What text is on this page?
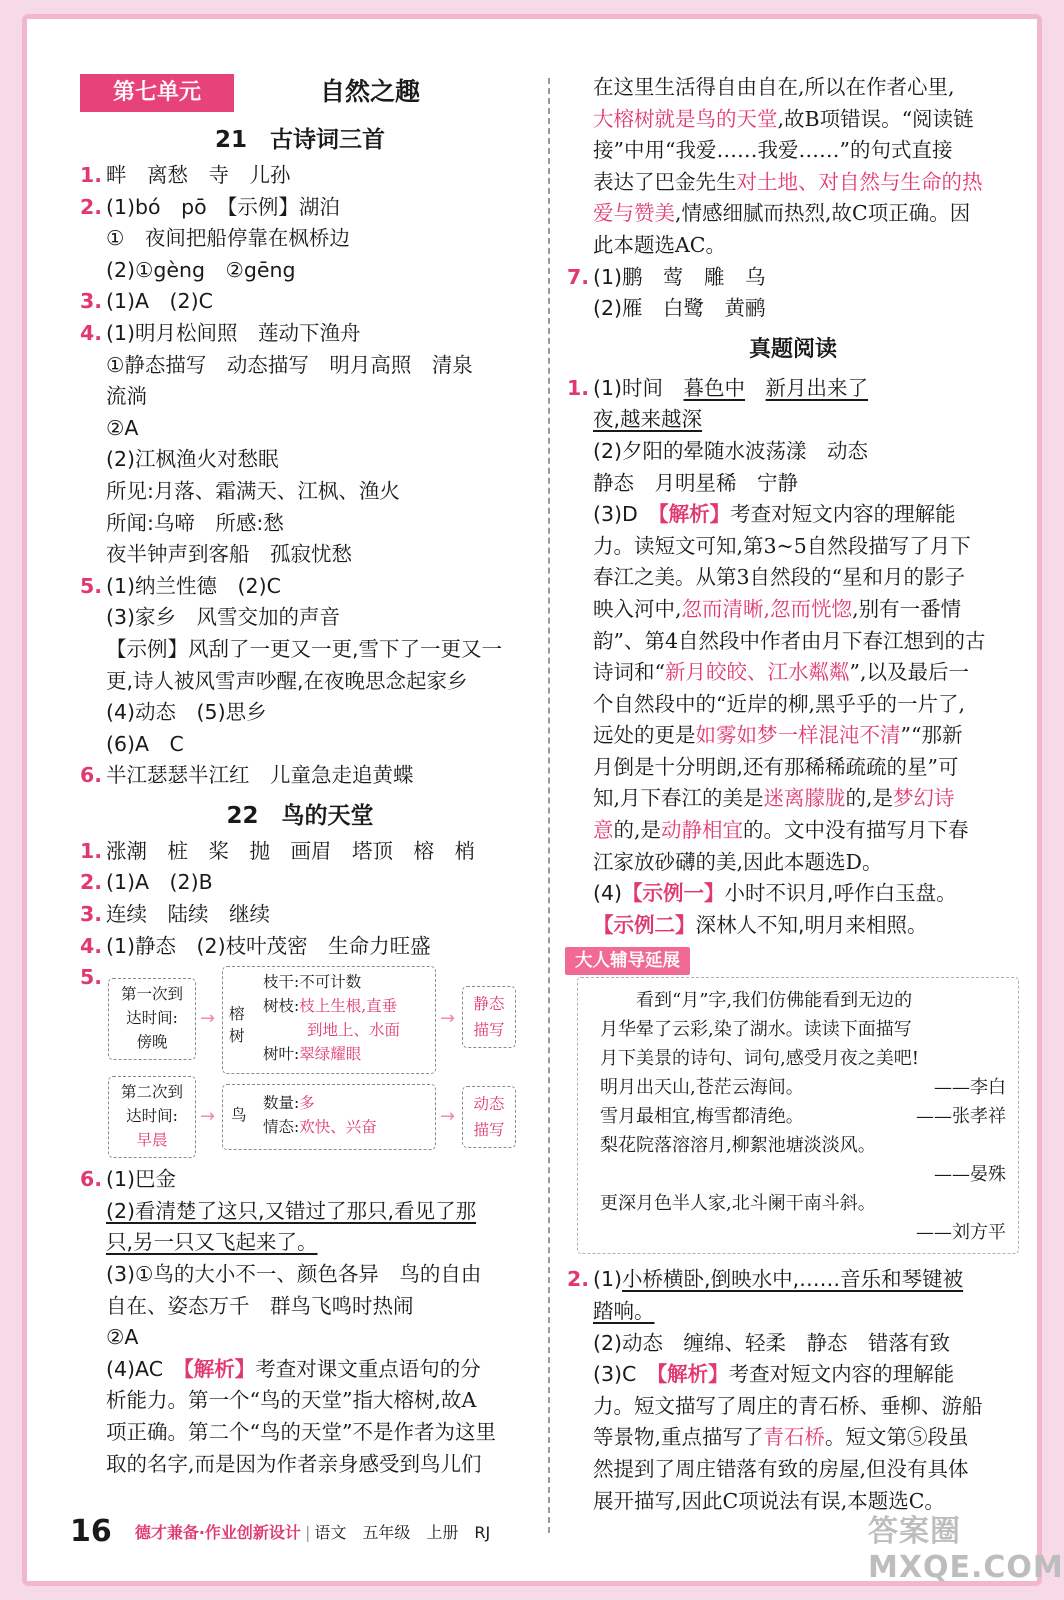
第七单元	自然之趣
21　古诗词三首
1. 畔　离愁　寺　儿孙
2. (1)bó　pō　【示例】湖泊
①　夜间把船停靠在枫桥边
(2)①gèng　②gēng
3. (1)A　(2)C
4. (1)明月松间照　莲动下渔舟
①静态描写　动态描写　明月高照　清泉
流淌
②A
(2)江枫渔火对愁眠
所见:月落、霜满天、江枫、渔火
所闻:乌啼　所感:愁
夜半钟声到客船　孤寂忧愁
5. (1)纳兰性德　(2)C
(3)家乡　风雪交加的声音
【示例】风刮了一更又一更,雪下了一更又一
更,诗人被风雪声吵醒,在夜晚思念起家乡
(4)动态　(5)思乡
(6)A　C
6. 半江瑟瑟半江红　儿童急走追黄蝶
22　鸟的天堂
1. 涨潮　桩　桨　抛　画眉　塔顶　榕　梢
2. (1)A　(2)B
3. 连续　陆续　继续
4. (1)静态　(2)枝叶茂密　生命力旺盛
5.
第一次到
达时间:
傍晚
→ 榕树
枝干:不可计数
树枝:枝上生根,直垂
到地上、水面
树叶:翠绿耀眼
→
静态描写
第二次到
达时间:
早晨
→ 鸟
数量:多
情态:欢快、兴奋	→
动态描写
6. (1)巴金
(2)看清楚了这只,又错过了那只,看见了那
只,另一只又飞起来了。
(3)①鸟的大小不一、颜色各异　鸟的自由
自在、姿态万千　群鸟飞鸣时热闹
②A
(4)AC　【解析】考查对课文重点语句的分
析能力。第一个“鸟的天堂”指大榕树,故A
项正确。第二个“鸟的天堂”不是作者为这里
取的名字,而是因为作者亲身感受到鸟儿们
在这里生活得自由自在,所以在作者心里,
大榕树就是鸟的天堂,故B项错误。“阅读链
接”中用“我爱……我爱……”的句式直接
表达了巴金先生对土地、对自然与生命的热
爱与赞美,情感细腻而热烈,故C项正确。因
此本题选AC。
7. (1)鹏　莺　雕　乌
(2)雁　白鹭　黄鹂
真题阅读
1. (1)时间　暮色中　 新月出来了
夜,越来越深
(2)夕阳的晕随水波荡漾　动态
静态　月明星稀　宁静
(3)D　【解析】考查对短文内容的理解能
力。读短文可知,第3~5自然段描写了月下
春江之美。从第3自然段的“星和月的影子
映入河中,忽而清晰,忽而恍惚,别有一番情
韵”、第4自然段中作者由月下春江想到的古
诗词和“新月皎皎、江水粼粼”,以及最后一
个自然段中的“近岸的柳,黑乎乎的一片了,
远处的更是如雾如梦一样混沌不清”“那新
月倒是十分明朗,还有那稀稀疏疏的星”可
知,月下春江的美是迷离朦胧的,是梦幻诗
意的,是动静相宜的。文中没有描写月下春
江家放砂礴的美,因此本题选D。
(4)【示例一】小时不识月,呼作白玉盘。
【示例二】深林人不知,明月来相照。
大人辅导延展
看到“月”字,我们仿佛能看到无边的
月华晕了云彩,染了湖水。读读下面描写
月下美景的诗句、词句,感受月夜之美吧!
明月出天山,苍茫云海间。	——李白
雪月最相宜,梅雪都清绝。	——张孝祥
梨花院落溶溶月,柳絮池塘淡淡风。
——晏殊
更深月色半人家,北斗阑干南斗斜。
——刘方平
2. (1)小桥横卧,倒映水中,……音乐和琴键被
踏响。
(2)动态　缠绵、轻柔　静态　错落有致
(3)C　【解析】考查对短文内容的理解能
力。短文描写了周庄的青石桥、垂柳、游船
等景物,重点描写了青石桥。短文第⑤段虽
然提到了周庄错落有致的房屋,但没有具体
展开描写,因此C项说法有误,本题选C。
16 德才兼备·作业创新设计 | 语文　 五年级　 上册　 RJ	答案圈 MXQE.COM
